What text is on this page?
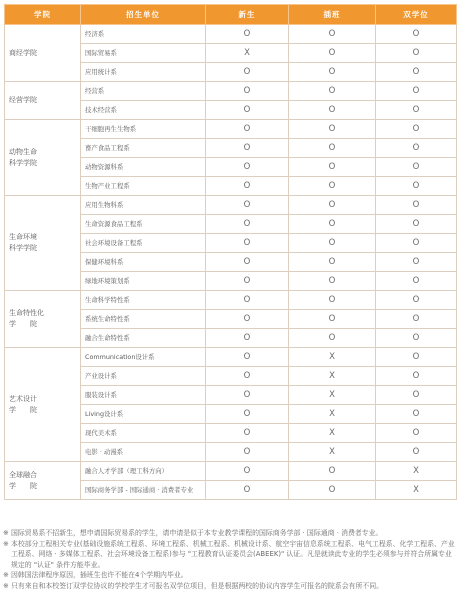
学院	招生单位	新生	插班	双学位
商经学院	经济系	O	O	O
	国际贸易系	X	O	O
	应用统计系	O	O	O
经营学院	经营系	O	O	O
	技术经营系	O	O	O
动物生命
科学学院	干细胞再生生物系	O	O	O
	畜产食品工程系	O	O	O
	动物资源科系	O	O	O
	生物产业工程系	O	O	O
生命环境
科学学院	应用生物科系	O	O	O
	生命资源食品工程系	O	O	O
	社会环境设备工程系	O	O	O
	保健环境科系	O	O	O
	绿地环境策划系	O	O	O
生命特性化
学　　院	生命科学特性系	O	O	O
	系统生命特性系	O	O	O
	融合生命特性系	O	O	O
艺术设计
学　　院	Communication设计系	O	X	O
	产业设计系	O	X	O
	服装设计系	O	X	O
	Living设计系	O	X	O
	现代美术系	O	X	O
	电影 · 动漫系	O	X	O
全球融合
学　　院	融合人才学部（理工科方向）	O	O	X
	国际商务学部 - 国际通商 · 消费者专业	O	O	X

※ 国际贸易系不招新生，想申请国际贸易系的学生，请申请是似于本专业教学课程的国际商务学部 · 国际通商 · 消费者专业。

※ 本校部分工程相关专业(基础设施系统工程系、环境工程系、机械工程系、机械设计系、航空宇宙信息系统工程系、电气工程系、化学工程系、产业工程系、网络 · 多媒体工程系、社会环境设备工程系)参与 "工程教育认证委员会(ABEEK)" 认证。凡是就读此专业的学生必须参与并符合所属专业规定的 "认证" 条件方能毕业。

※ 因韩国法律程序原因，插班生也许不能在4个学期内毕业。

※ 只有来自和本校签订双学位协议的学校学生才可报名双学位项目，但是根据两校的协议内容学生可报名的院系会有所不同。
